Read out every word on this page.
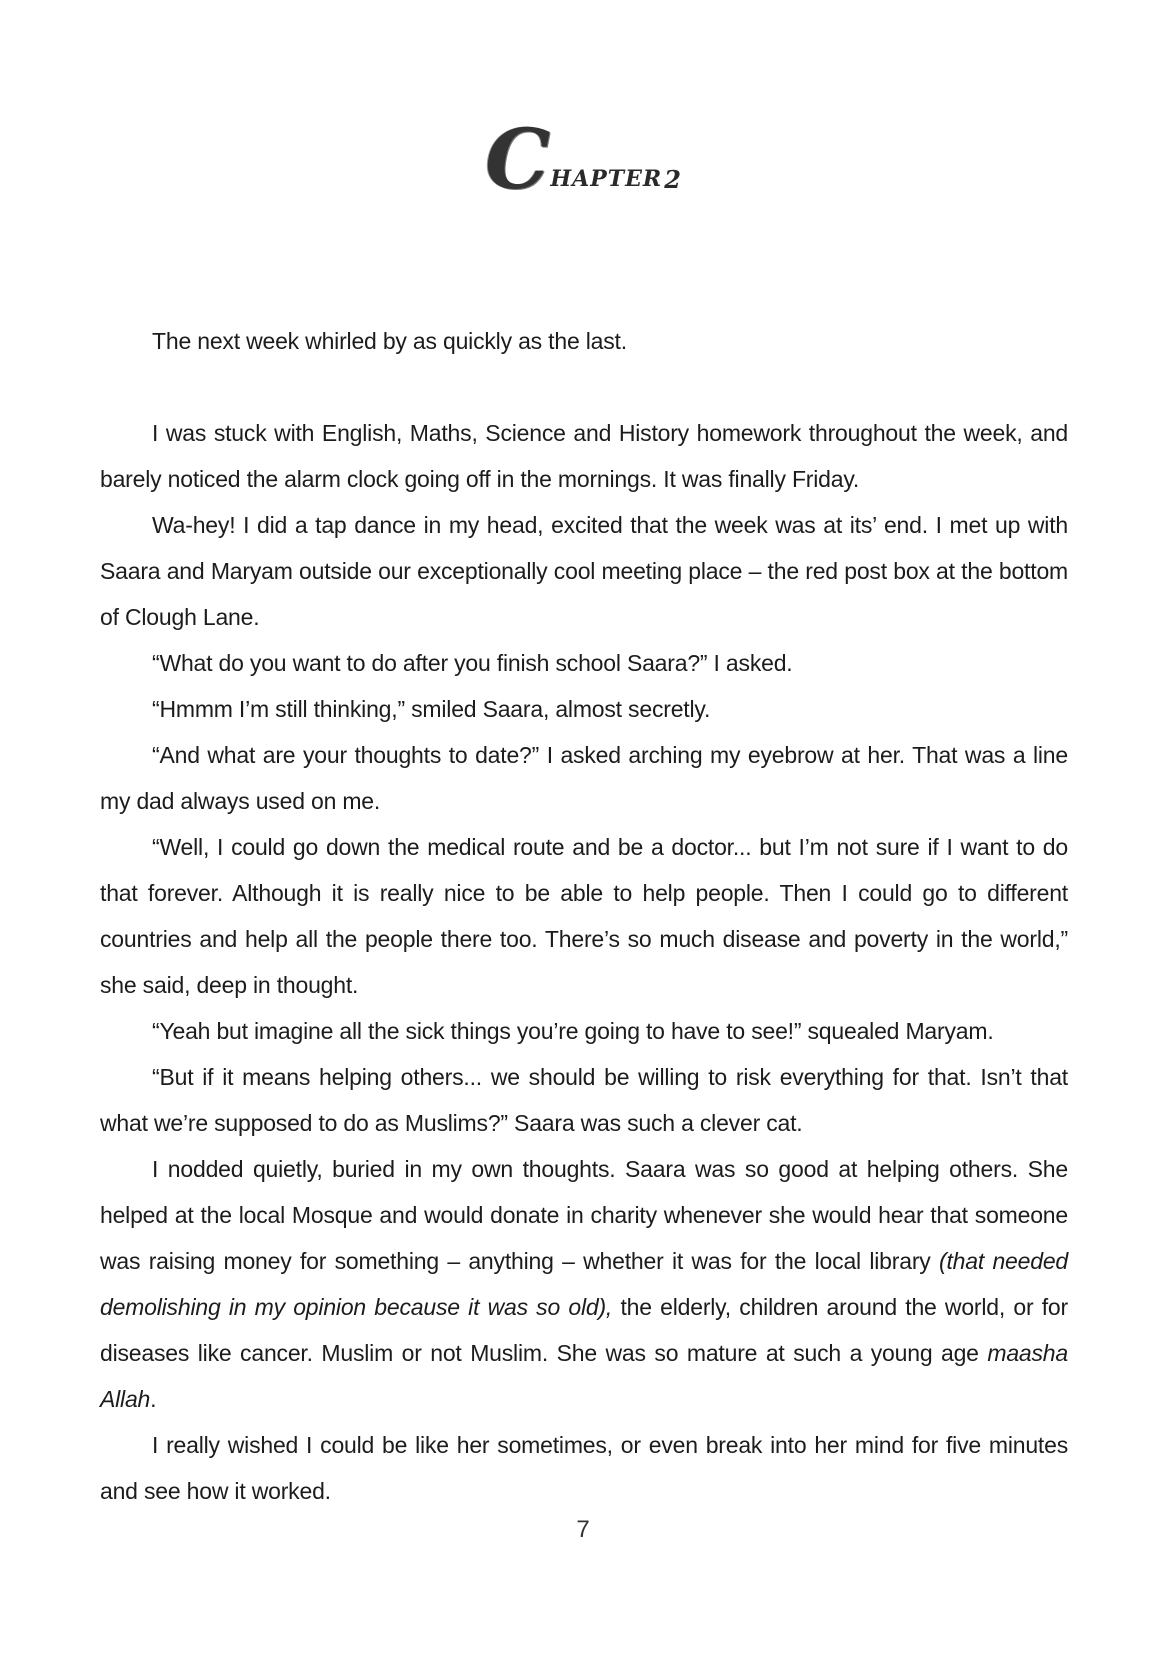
CHAPTER2

The next week whirled by as quickly as the last.

I was stuck with English, Maths, Science and History homework throughout the week, and barely noticed the alarm clock going off in the mornings. It was finally Friday.

Wa-hey! I did a tap dance in my head, excited that the week was at its’ end. I met up with Saara and Maryam outside our exceptionally cool meeting place – the red post box at the bottom of Clough Lane.

“What do you want to do after you finish school Saara?” I asked.

“Hmmm I’m still thinking,” smiled Saara, almost secretly.

“And what are your thoughts to date?” I asked arching my eyebrow at her. That was a line my dad always used on me.

“Well, I could go down the medical route and be a doctor... but I’m not sure if I want to do that forever. Although it is really nice to be able to help people. Then I could go to different countries and help all the people there too. There’s so much disease and poverty in the world,” she said, deep in thought.

“Yeah but imagine all the sick things you’re going to have to see!” squealed Maryam.

“But if it means helping others... we should be willing to risk everything for that. Isn’t that what we’re supposed to do as Muslims?” Saara was such a clever cat.

I nodded quietly, buried in my own thoughts. Saara was so good at helping others. She helped at the local Mosque and would donate in charity whenever she would hear that someone was raising money for something – anything – whether it was for the local library (that needed demolishing in my opinion because it was so old), the elderly, children around the world, or for diseases like cancer. Muslim or not Muslim. She was so mature at such a young age maasha Allah.

I really wished I could be like her sometimes, or even break into her mind for five minutes and see how it worked.

7
